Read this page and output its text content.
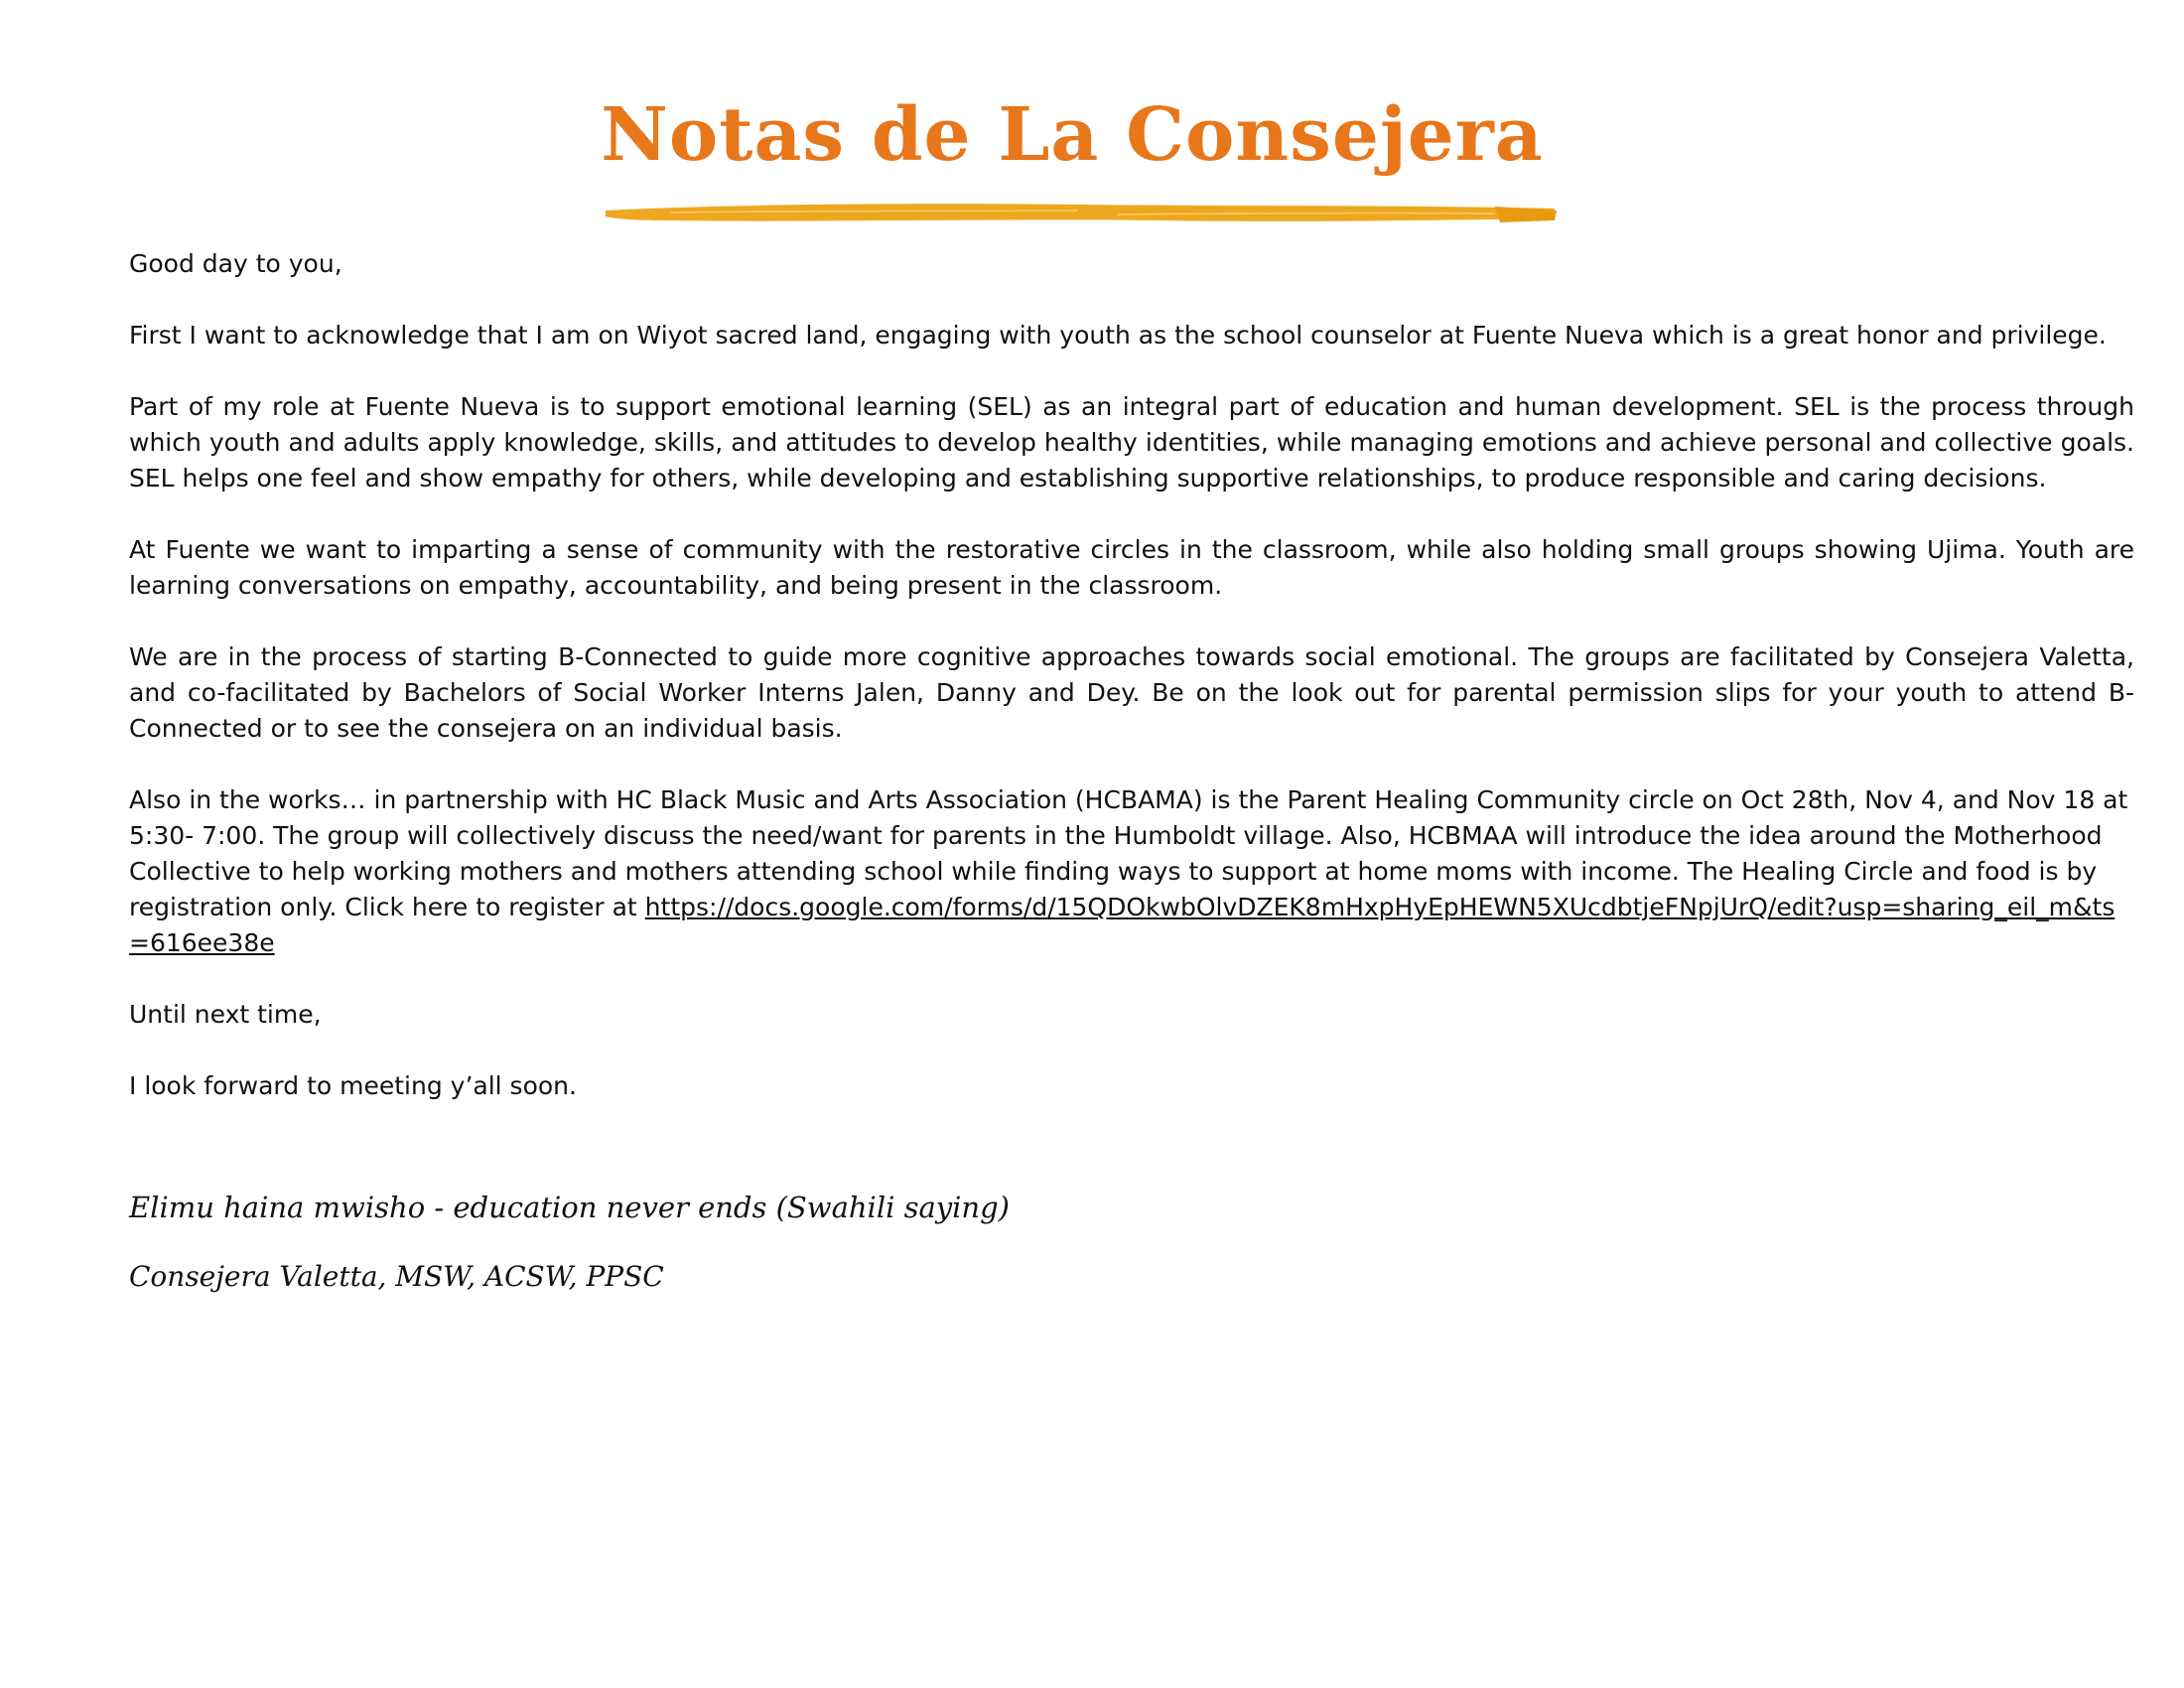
Notas de La Consejera

Good day to you,

First I want to acknowledge that I am on Wiyot sacred land, engaging with youth as the school counselor at Fuente Nueva which is a great honor and privilege.

Part of my role at Fuente Nueva is to support emotional learning (SEL) as an integral part of education and human development. SEL is the process through which youth and adults apply knowledge, skills, and attitudes to develop healthy identities, while managing emotions and achieve personal and collective goals. SEL helps one feel and show empathy for others, while developing and establishing supportive relationships, to produce responsible and caring decisions.

At Fuente we want to imparting a sense of community with the restorative circles in the classroom, while also holding small groups showing Ujima. Youth are learning conversations on empathy, accountability, and being present in the classroom.

We are in the process of starting B-Connected to guide more cognitive approaches towards social emotional. The groups are facilitated by Consejera Valetta, and co-facilitated by Bachelors of Social Worker Interns Jalen, Danny and Dey. Be on the look out for parental permission slips for your youth to attend B-Connected or to see the consejera on an individual basis.

Also in the works… in partnership with HC Black Music and Arts Association (HCBAMA) is the Parent Healing Community circle on Oct 28th, Nov 4, and Nov 18 at 5:30- 7:00. The group will collectively discuss the need/want for parents in the Humboldt village. Also, HCBMAA will introduce the idea around the Motherhood Collective to help working mothers and mothers attending school while finding ways to support at home moms with income. The Healing Circle and food is by registration only. Click here to register at https://docs.google.com/forms/d/15QDOkwbOlvDZEK8mHxpHyEpHEWN5XUcdbtjeFNpjUrQ/edit?usp=sharing_eil_m&ts=616ee38e

Until next time,

I look forward to meeting y’all soon.

Elimu haina mwisho - education never ends (Swahili saying)
Consejera Valetta, MSW, ACSW, PPSC
